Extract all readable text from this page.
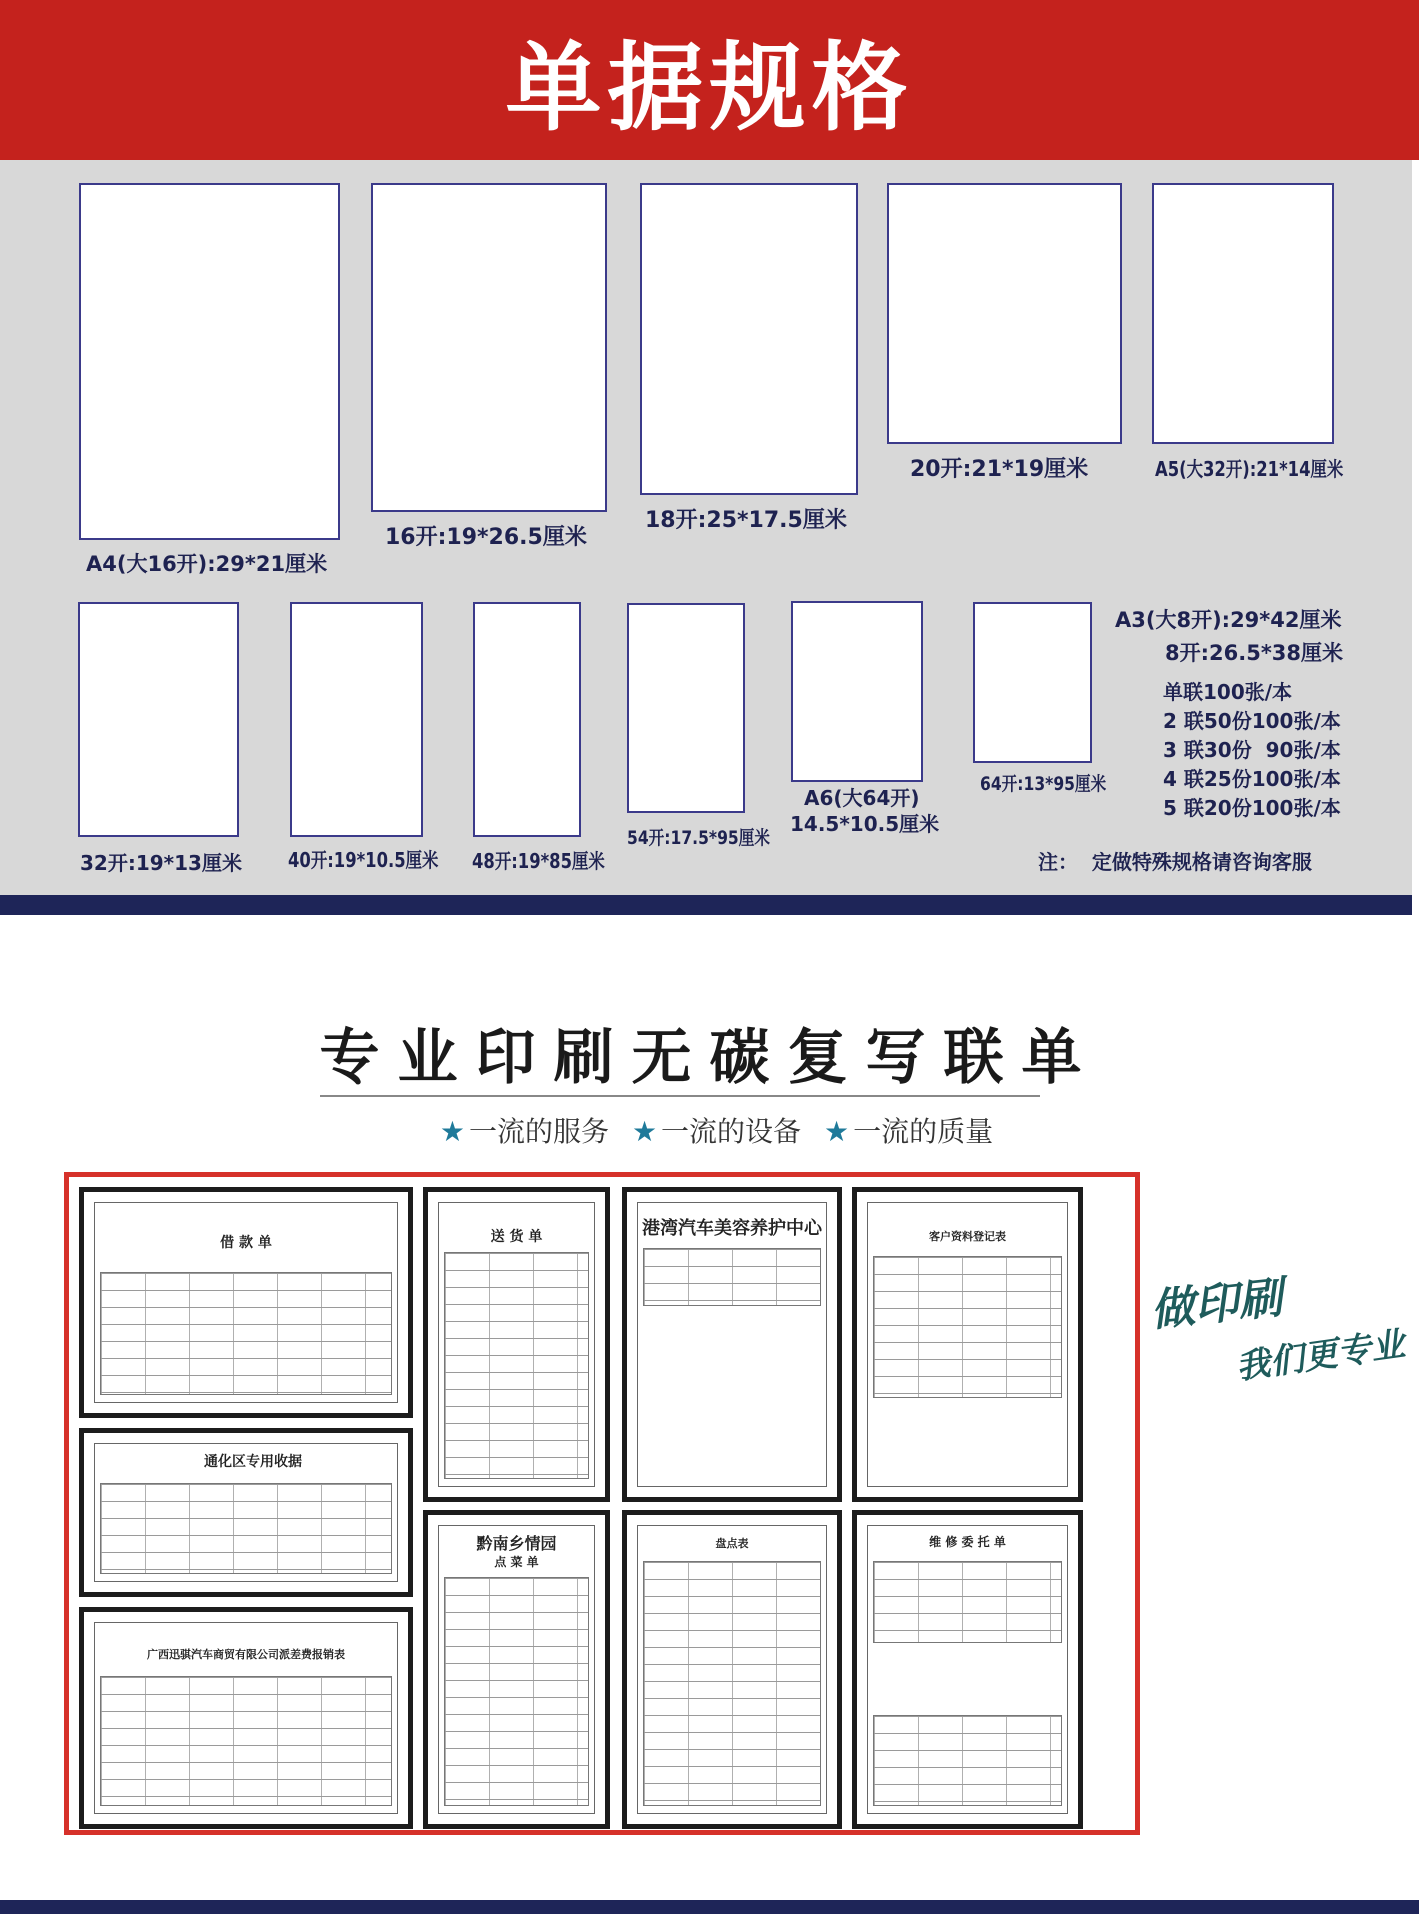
单据规格
A4(大16开):29*21厘米
16开:19*26.5厘米
18开:25*17.5厘米
20开:21*19厘米	A5(大32开):21*14厘米
32开:19*13厘米 40开:19*10.5厘米 48开:19*85厘米
54开:17.5*95厘米
A6(大64开)
14.5*10.5厘米
64开:13*95厘米
A3(大8开):29*42厘米
8开:26.5*38厘米
单联100张/本
2 联50份100张/本
3 联30份  90张/本
4 联25份100张/本
5 联20份100张/本
注：  定做特殊规格请咨询客服
专业印刷无碳复写联单
★ 一流的服务 ★ 一流的设备 ★ 一流的质量
借 款 单
通化区专用收据
广西迅骐汽车商贸有限公司派差费报销表
送 货 单
黔南乡情园
点 菜 单
港湾汽车美容养护中心
盘点表
客户资料登记表
维 修 委 托 单
做印刷
我们更专业
